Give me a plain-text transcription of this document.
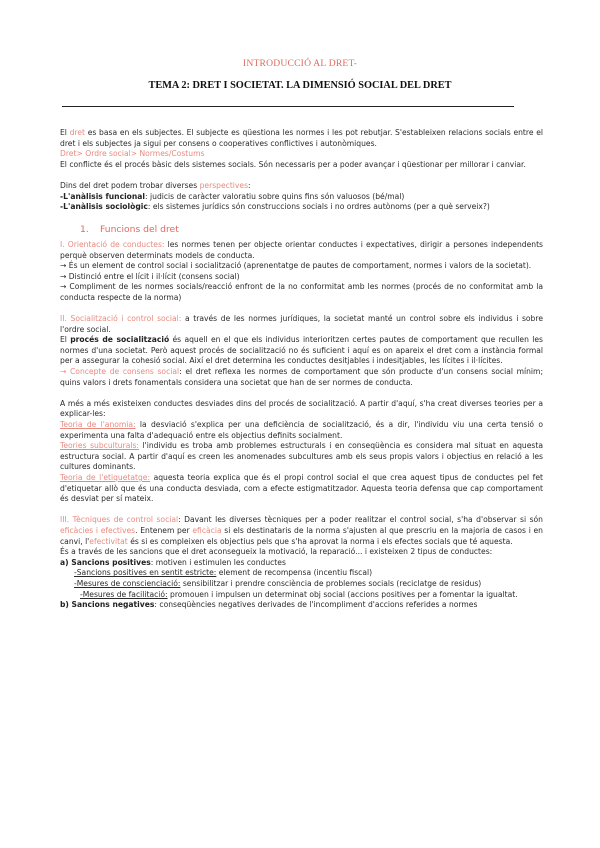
INTRODUCCIÓ AL DRET-
TEMA 2: DRET I SOCIETAT. LA DIMENSIÓ SOCIAL DEL DRET

El dret es basa en els subjectes. El subjecte es qüestiona les normes i les pot rebutjar. S'estableixen relacions socials entre el dret i els subjectes ja sigui per consens o cooperatives conflictives i autonòmiques.

Dret> Ordre social> Normes/Costums

El conflicte és el procés bàsic dels sistemes socials. Són necessaris per a poder avançar i qüestionar per millorar i canviar.

Dins del dret podem trobar diverses perspectives:

-L'anàlisis funcional: judicis de caràcter valoratiu sobre quins fins són valuosos (bé/mal)

-L'anàlisis sociològic: els sistemes jurídics són construccions socials i no ordres autònoms (per a què serveix?)

1. Funcions del dret

I. Orientació de conductes: les normes tenen per objecte orientar conductes i expectatives, dirigir a persones independents perquè observen determinats models de conducta.

→ És un element de control social i socialització (aprenentatge de pautes de comportament, normes i valors de la societat).

→ Distinció entre el lícit i il·lícit (consens social)

→ Compliment de les normes socials/reacció enfront de la no conformitat amb les normes (procés de no conformitat amb la conducta respecte de la norma)

II. Socialització i control social: a través de les normes jurídiques, la societat manté un control sobre els individus i sobre l'ordre social.

El procés de socialització és aquell en el que els individus interioritzen certes pautes de comportament que recullen les normes d'una societat. Però aquest procés de socialització no és suficient i aquí es on apareix el dret com a instància formal per a assegurar la cohesió social. Així el dret determina les conductes desitjables i indesitjables, les lícites i il·lícites.

→ Concepte de consens social: el dret reflexa les normes de comportament que són producte d'un consens social mínim; quins valors i drets fonamentals considera una societat que han de ser normes de conducta.

A més a més existeixen conductes desviades dins del procés de socialització. A partir d'aquí, s'ha creat diverses teories per a explicar-les:

Teoria de l'anomia: la desviació s'explica per una deficiència de socialització, és a dir, l'individu viu una certa tensió o experimenta una falta d'adequació entre els objectius definits socialment.

Teories subculturals: l'individu es troba amb problemes estructurals i en conseqüència es considera mal situat en aquesta estructura social. A partir d'aquí es creen les anomenades subcultures amb els seus propis valors i objectius en relació a les cultures dominants.

Teoria de l'etiquetatge: aquesta teoria explica que és el propi control social el que crea aquest tipus de conductes pel fet d'etiquetar allò que és una conducta desviada, com a efecte estigmatitzador. Aquesta teoria defensa que cap comportament és desviat per sí mateix.

III. Tècniques de control social: Davant les diverses tècniques per a poder realitzar el control social, s'ha d'observar si són eficàcies i efectives. Entenem per eficàcia si els destinataris de la norma s'ajusten al que prescriu en la majoria de casos i en canvi, l'efectivitat és si es compleixen els objectius pels que s'ha aprovat la norma i els efectes socials que té aquesta.

És a través de les sancions que el dret aconsegueix la motivació, la reparació... i existeixen 2 tipus de conductes:

a) Sancions positives: motiven i estimulen les conductes

-Sancions positives en sentit estricte: element de recompensa (incentiu fiscal)

-Mesures de conscienciació: sensibilitzar i prendre consciència de problemes socials (reciclatge de residus)

-Mesures de facilitació: promouen i impulsen un determinat obj social (accions positives per a fomentar la igualtat.

b) Sancions negatives: conseqüències negatives derivades de l'incompliment d'accions referides a normes
